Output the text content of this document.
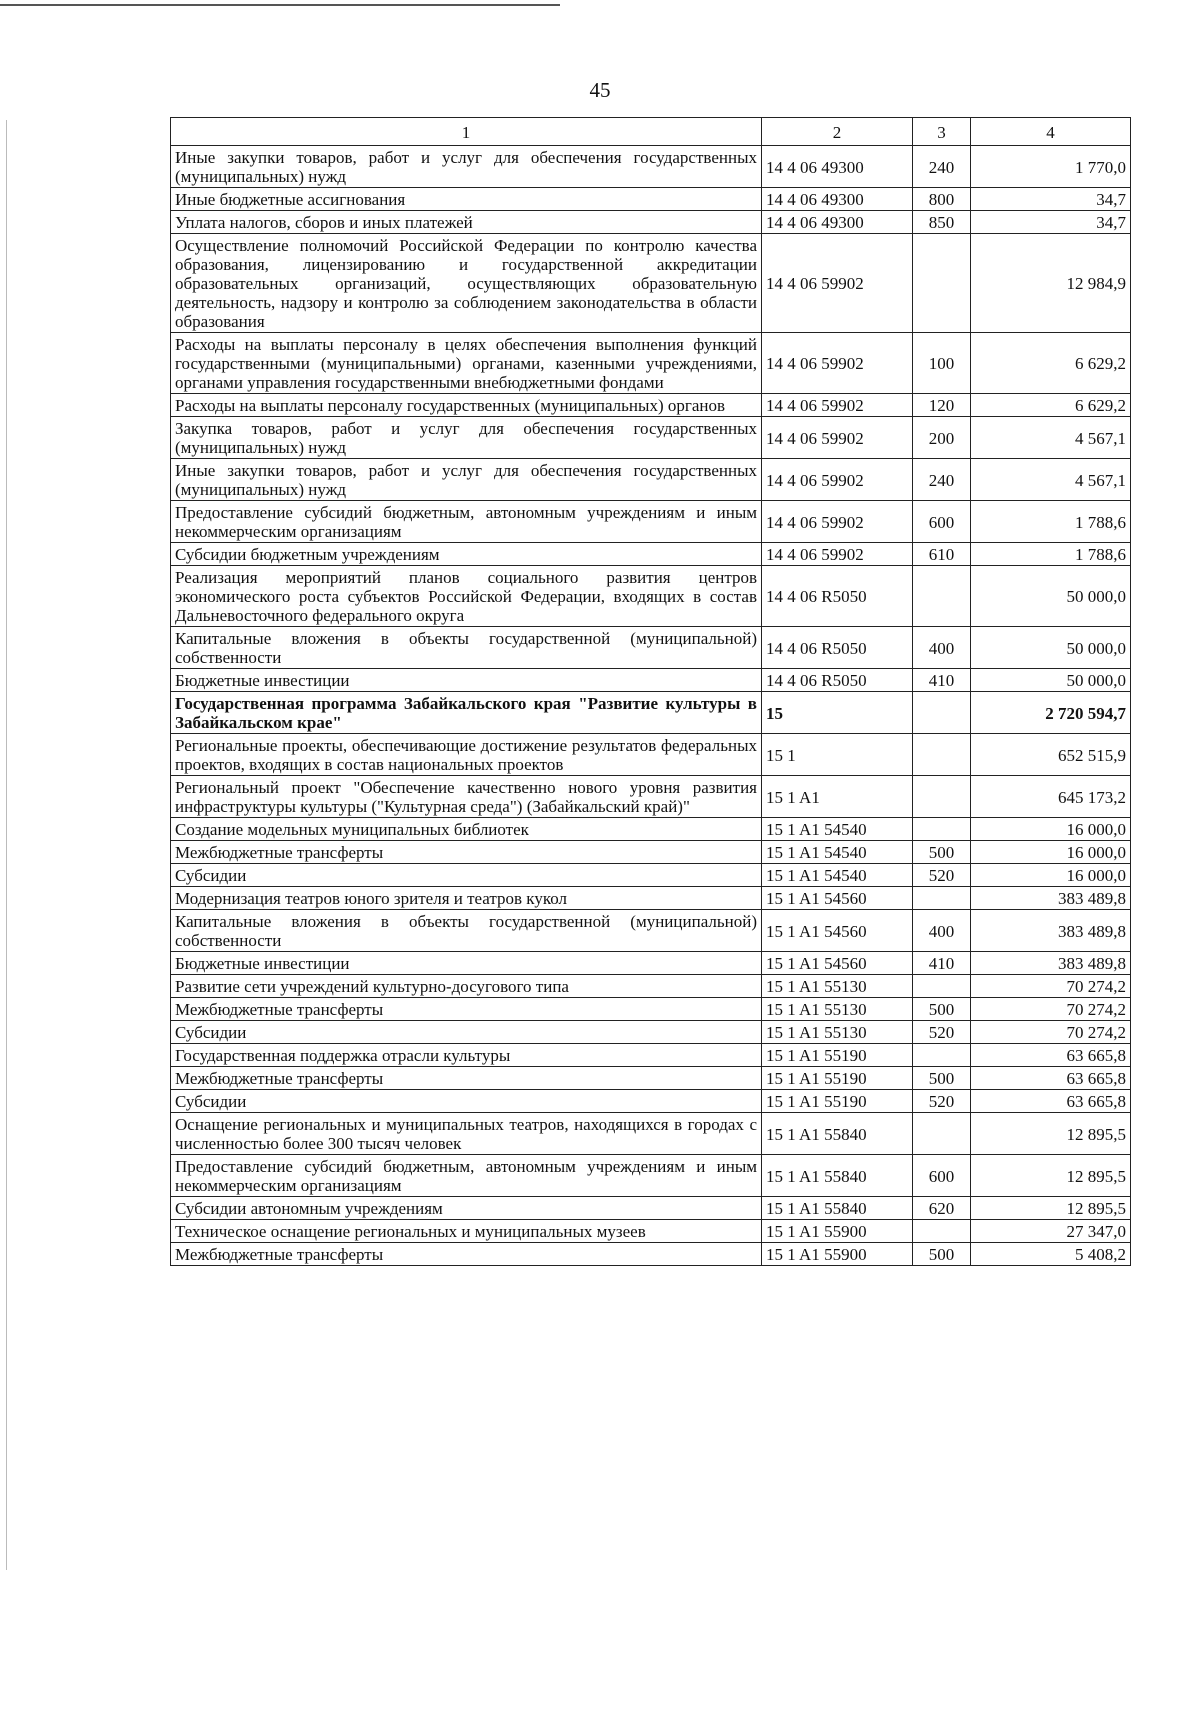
45
1	2	3	4
Иные закупки товаров, работ и услуг для обеспечения государственных (муниципальных) нужд	14 4 06 49300	240	1 770,0
Иные бюджетные ассигнования	14 4 06 49300	800	34,7
Уплата налогов, сборов и иных платежей	14 4 06 49300	850	34,7
Осуществление полномочий Российской Федерации по контролю качества образования, лицензированию и государственной аккредитации образовательных организаций, осуществляющих образовательную деятельность, надзору и контролю за соблюдением законодательства в области образования	14 4 06 59902		12 984,9
Расходы на выплаты персоналу в целях обеспечения выполнения функций государственными (муниципальными) органами, казенными учреждениями, органами управления государственными внебюджетными фондами	14 4 06 59902	100	6 629,2
Расходы на выплаты персоналу государственных (муниципальных) органов	14 4 06 59902	120	6 629,2
Закупка товаров, работ и услуг для обеспечения государственных (муниципальных) нужд	14 4 06 59902	200	4 567,1
Иные закупки товаров, работ и услуг для обеспечения государственных (муниципальных) нужд	14 4 06 59902	240	4 567,1
Предоставление субсидий бюджетным, автономным учреждениям и иным некоммерческим организациям	14 4 06 59902	600	1 788,6
Субсидии бюджетным учреждениям	14 4 06 59902	610	1 788,6
Реализация мероприятий планов социального развития центров экономического роста субъектов Российской Федерации, входящих в состав Дальневосточного федерального округа	14 4 06 R5050		50 000,0
Капитальные вложения в объекты государственной (муниципальной) собственности	14 4 06 R5050	400	50 000,0
Бюджетные инвестиции	14 4 06 R5050	410	50 000,0
Государственная программа Забайкальского края "Развитие культуры в Забайкальском крае"	15		2 720 594,7
Региональные проекты, обеспечивающие достижение результатов федеральных проектов, входящих в состав национальных проектов	15 1		652 515,9
Региональный проект "Обеспечение качественно нового уровня развития инфраструктуры культуры ("Культурная среда") (Забайкальский край)"	15 1 A1		645 173,2
Создание модельных муниципальных библиотек	15 1 A1 54540		16 000,0
Межбюджетные трансферты	15 1 A1 54540	500	16 000,0
Субсидии	15 1 A1 54540	520	16 000,0
Модернизация театров юного зрителя и театров кукол	15 1 A1 54560		383 489,8
Капитальные вложения в объекты государственной (муниципальной) собственности	15 1 A1 54560	400	383 489,8
Бюджетные инвестиции	15 1 A1 54560	410	383 489,8
Развитие сети учреждений культурно-досугового типа	15 1 A1 55130		70 274,2
Межбюджетные трансферты	15 1 A1 55130	500	70 274,2
Субсидии	15 1 A1 55130	520	70 274,2
Государственная поддержка отрасли культуры	15 1 A1 55190		63 665,8
Межбюджетные трансферты	15 1 A1 55190	500	63 665,8
Субсидии	15 1 A1 55190	520	63 665,8
Оснащение региональных и муниципальных театров, находящихся в городах с численностью более 300 тысяч человек	15 1 A1 55840		12 895,5
Предоставление субсидий бюджетным, автономным учреждениям и иным некоммерческим организациям	15 1 A1 55840	600	12 895,5
Субсидии автономным учреждениям	15 1 A1 55840	620	12 895,5
Техническое оснащение региональных и муниципальных музеев	15 1 A1 55900		27 347,0
Межбюджетные трансферты	15 1 A1 55900	500	5 408,2
